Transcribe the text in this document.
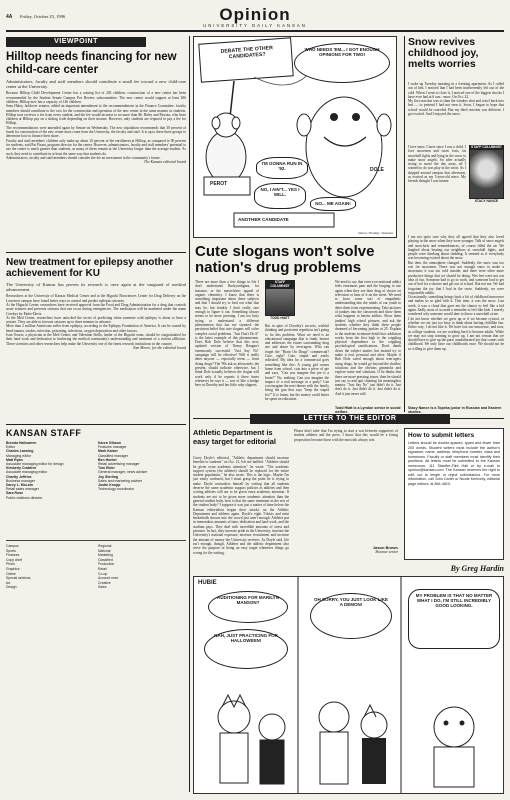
4A Friday, October 25, 1996	Opinion
UNIVERSITY DAILY KANSAN
VIEWPOINT
Hilltop needs financing for new child-care center

Administrators, faculty and staff members should contribute a small fee toward a new child-care center at the University.

Because Hilltop Child Development Center has a waiting list of 202 children, construction of a new center has been recommended by the Student Senate Campus Fee Review subcommittee. The new center would support at least 306 children. Hilltop now has a capacity of 146 children.

Sean Haley, holdover senator, added an important amendment to the recommendations in the Finance Committee: faculty members should contribute to the cost for the construction and operation of the new center in the same manner as students. Hilltop now receives a fee from every student, and the fee would increase to no more than $6. Haley and Pasrota, who have children at Hilltop pay on a sliding scale depending on their income. However, only students are required to pay a fee for Hilltop.

The recommendations were amended again by Senate on Wednesday. The new stipulation recommends that 30 percent of funds for construction of the new center must come from the University, the faculty and staff. It is up to these three groups to determine how to finance their share.

Faculty and staff members' children only make up about 10 percent of the enrollment at Hilltop, as compared to 90 percent for students, said Pat Pisani, program director for the center. However, administrators, faculty and staff members' potential to use the center is much greater than students, as many of them remain at the University longer than the average student. As such, they need to contribute in at least the same way that students do.

Administrators, faculty and staff members should consider the fee an investment in the community's future.

The Kansan editorial board

New treatment for epilepsy another achievement for KU

The University of Kansas has proven its research is once again at the vanguard of medical advancement.

Researchers at the University of Kansas Medical Center and at the Higuchi Biosciences Center for Drug Delivery on the Lawrence campus have found better ways to control and predict epileptic seizures.

At the Higuchi Center, researchers have received approval from the Food and Drug Administration for a drug that controls acute seizures and prevents seizures that can occur during emergencies. The medication will be marketed under the name Cerebyx by Parke-Davis.

At the Med Center, researchers have unlocked the secret of predicting when someone with epilepsy is about to have a seizure. They are able to forecast seizures up to three minutes in advance.

More than 2 million Americans suffer from epilepsy, according to the Epilepsy Foundation of America. It can be caused by head trauma, strokes, infection, poisoning, infections, oxygen deprivation and other factors.

Ivan Osorio, a physician at the Med Center, and Valentino Stella, leader of the Higuchi team, should be congratulated for their hard work and dedication to furthering the medical community's understanding and treatment of a violent affliction. These scientists and other researchers help make the University one of the finest research institutions in the country.

Tom Moore, for the editorial board

KANSAN STAFF
Brenda Halloween
Editor
Charles Lanning
Managing editor
Matt Ryan
Associate managing editor for design
Kimberly Crabtree
Associate managing editor
Charity Jeffries
Business manager
Darcy L. McLain
Retail sales manager
Sara Rose
Public relations director
Karen Gibson
Features manager
Mark Kaiser
Classified manager
Ben Hunter
Retail advertising manager
Tom Elder
General manager, news adviser
Joy Sterling
Sales and marketing adviser
Justin Knupp
Technology coordinator
Campus
Sports
Features
Copy chief
Photo
Graphics
Online
Special sections
Art
Design
Regional
National
Marketing
Classified
Production
Retail
Co-op
Account exec
Creative
Sales
DEBATE THE OTHER CANDIDATES?
WHO NEEDS 'EM... I GOT ENOUGH OPINIONS FOR TWO!
PEROT
I'M GONNA RUN IN '92.
NO, I AIN'T... YES I WILL.
NO... ME AGAIN!
DOLE
ANOTHER CANDIDATE
Shawn Trenday / Kansan
Cute slogans won't solve nation's drug problems

There are more than a few things in life I don't understand. Backyardigans, for instance, or the masochistic appeal of organic chemistry. I know that there is something important about these subjects and that I should try to find out what that may be, but frankly I don't really care enough to figure it out. Something always seems to be more pressing. I am too busy trying to understand a different phenomenon that has me stymied: the persistent belief that cute slogans will solve complex social problems. "Just Don't Do It" is the latest example of this phenomenon. Does Bob Dole believe that this new, updated version of Nancy Reagan's enormously successful "Just Say No" campaign will be effective? Will it really deter anyone — especially teens — from doing drugs? The '90s ask us afterwards, the present, should indicate otherwise, but I think Dole actually believes the slogan will work only if he repeats it three times whenever he says it — sort of like a bridge beer in Dorothy and her little ruby slippers.

STAFF COLUMNIST
TODD HIATT

But in spite of Dorothy's success, wishful thinking and persistent repetition isn't going to fix this problem. What we need is an educational campaign that is frank, honest and addresses the issues surrounding drug use and abuse by teen-agers. Who can forget the "Brain On Drugs" commercial? Cute, right? Cute, stupid and easily ridiculed. My idea for a commercial goes something like this: A young girl comes home from school, cuts into a piece of pie and says, "Can you imagine this pie is a brain?" No, nothing. Can you imagine the impact of a real message at a party? Can you imagine the next dinner with the family being the gun that says "keep the stupid fix?" It is funny, but the money could better be spent on education.

We need to say that even a recreational addict feels enormous pain and the longing to use again when they see their drug of choice on television or hear of it on the street. We need to force some sort of empathetic understanding into the minds of our youth to deter them from experimenting. Take pictures of junkies into the classroom and show them what happens to heroin addicts. Show them junkies' high school pictures, and ask the students whether they think these people dreamed of becoming junkies at 25. Explain to the students in minute detail how addiction works from the first high to the crippling physical dependence to the crippling psychological ramifications. Don't dumb down the subject matter, but instead try to make it real, personal and alive. Maybe if Bob Dole cared enough about teen-agers using drugs, he would go beyond the shallow solutions and the obvious gimmicks and explore some real solutions. If he thinks that there are more pressing issues, then he should just say so and quit chanting his meaningless mantra. "Just Say No" just didn't do it. Just don't do it. Just didn't do it. Just didn't do it. And it just never will.

Todd Hiatt is a Lyndon senior in social welfare.
Snow revives childhood joy, melts worries

I woke up Tuesday morning in a freezing apartment. As I rolled out of bed, I noticed that I had been inadvertently left out of the cold. When I went to close it, I noticed one of the biggest shocks I have ever had at 6 a.m.: snow. On Oct. 22.

My first reaction was to slam the window shut and crawl back into bed — to pretend I had not seen it. Soon, I began to hope that school would be canceled. But my third reaction was different. I got excited. And I enjoyed the snow.

I love snow. I have since I was a child. I love snowmen and snow forts, fat snowball fights and lying in the snow to make snow angels. So after actually trying to move the day away, all I wanted to do was play in the snow. As I skipped around campus that afternoon, as excited as my 5-year-old niece. My friends thought I was insane.

STAFF COLUMNIST
STACY NANCE

I am not quite sure why they all agreed that they also loved playing in the snow when they were younger. Talk of snow angels and snowforts and remembrances, of course filled the air. We laughed about beating our neighbors at snowball fights, and people were thinking about sledding. It seemed as if everybody was becoming excited about the snow.

But then, the atmosphere changed. Suddenly, the snow was too wet for snowmen. There was not enough snow to make a snowman; it was too cold outside, and there were other more productive things that we should be doing. Wet feet were not our idea of fun. Someone had to go to work, and someone had to get out of bed for a shower and get out of school. But not me. We had forgotten the joy that I had in the snow. Suddenly, we were responsible adults.

Occasionally, something brings back a bit of childhood innocence and makes us so glad with it. This time, it was the snow. Last week, it was a cloud that gave me the chance to feel like a kid again. Sadly, most of us need a reminder to feel like kids. I merely wondered why someone would dare to throw a snowball at me.

I do not know whether we grew up or if we became cynical, or whether we are just too busy to think about having childlike fun. Either way, I do not like it. We have lost our innocence, and now, as college students, we are working hard to become adults. While we may not stop wanting to grow up, I am not certain that we should have to give up the pure, unadulterated joy that comes with childhood. We only have our childhoods once. We should not be so willing to give them up.

Stacy Nance is a Topeka junior in Russian and Eastern studies.
LETTER TO THE EDITOR
Athletic Department is easy target for editorial

Corey Doyle's editorial, "Athletic department should increase benefits to students" on Oct. 21, left me baffled. "Athletes should be given extra academic attention," he wrote. "The academic support system (for athletes) should be replaced for the entire student population," he also wrote. This is the logic. Maybe I'm just easily confused, but I must grasp the point he is trying to make. Doyle contradicts himself by writing that all students deserve the same academic support policies as athletes and then writing athletes still are to be given extra academic attention. If students are not to be given more academic attention than the general student body, how is that the same treatment as the rest of the student body? I suppose it was just a matter of time before the Kansan editorialists began their attacks on the Athletic Department and athletes again. Doyle's eight T-shirts and mini basketballs thrown into the crowd just aren't enough. Athletes put in tremendous amounts of time, dedication and hard work, and the stadium pays. They deal with incredible amounts of stress and pressure. In fact, they increase pride in the University, increase the University's national exposure, increase recruitment and increase the amount of money the University receives. As Doyle said, life isn't enough, though. Athletes and the athletic department also serve the purpose of being an easy target whenever things go wrong for the writing.

Please don't infer that I'm trying to start a war between supporters of student athletes and the press. I know that this would be a losing proposition because those with the most ink always win.

Jason Brown
Shawnee senior
How to submit letters
Letters should be double-spaced, typed and fewer than 200 words. Student writers must include the author's signature, name, address, telephone number, class and hometown. Faculty or staff members must identify their positions. All letters must be submitted to the Kansan newsroom, 111 Stauffer-Flint Hall or by e-mail to opinion@kansan.com. The Kansan reserves the right to edit, cut to length or reject submissions. For more information, call John Carter or Nicole Kennedy, editorial page editors, at 864-4810.
By Greg Hardin
HUBIE
AUDITIONING FOR MARILYN MANSON?
NAH, JUST PRACTICING FOR HALLOWEEN!
OH SORRY, YOU JUST LOOK LIKE A DEMON!
MY PROBLEM IS THAT NO MATTER WHAT I DO, I'M STILL INCREDIBLY GOOD LOOKING.
